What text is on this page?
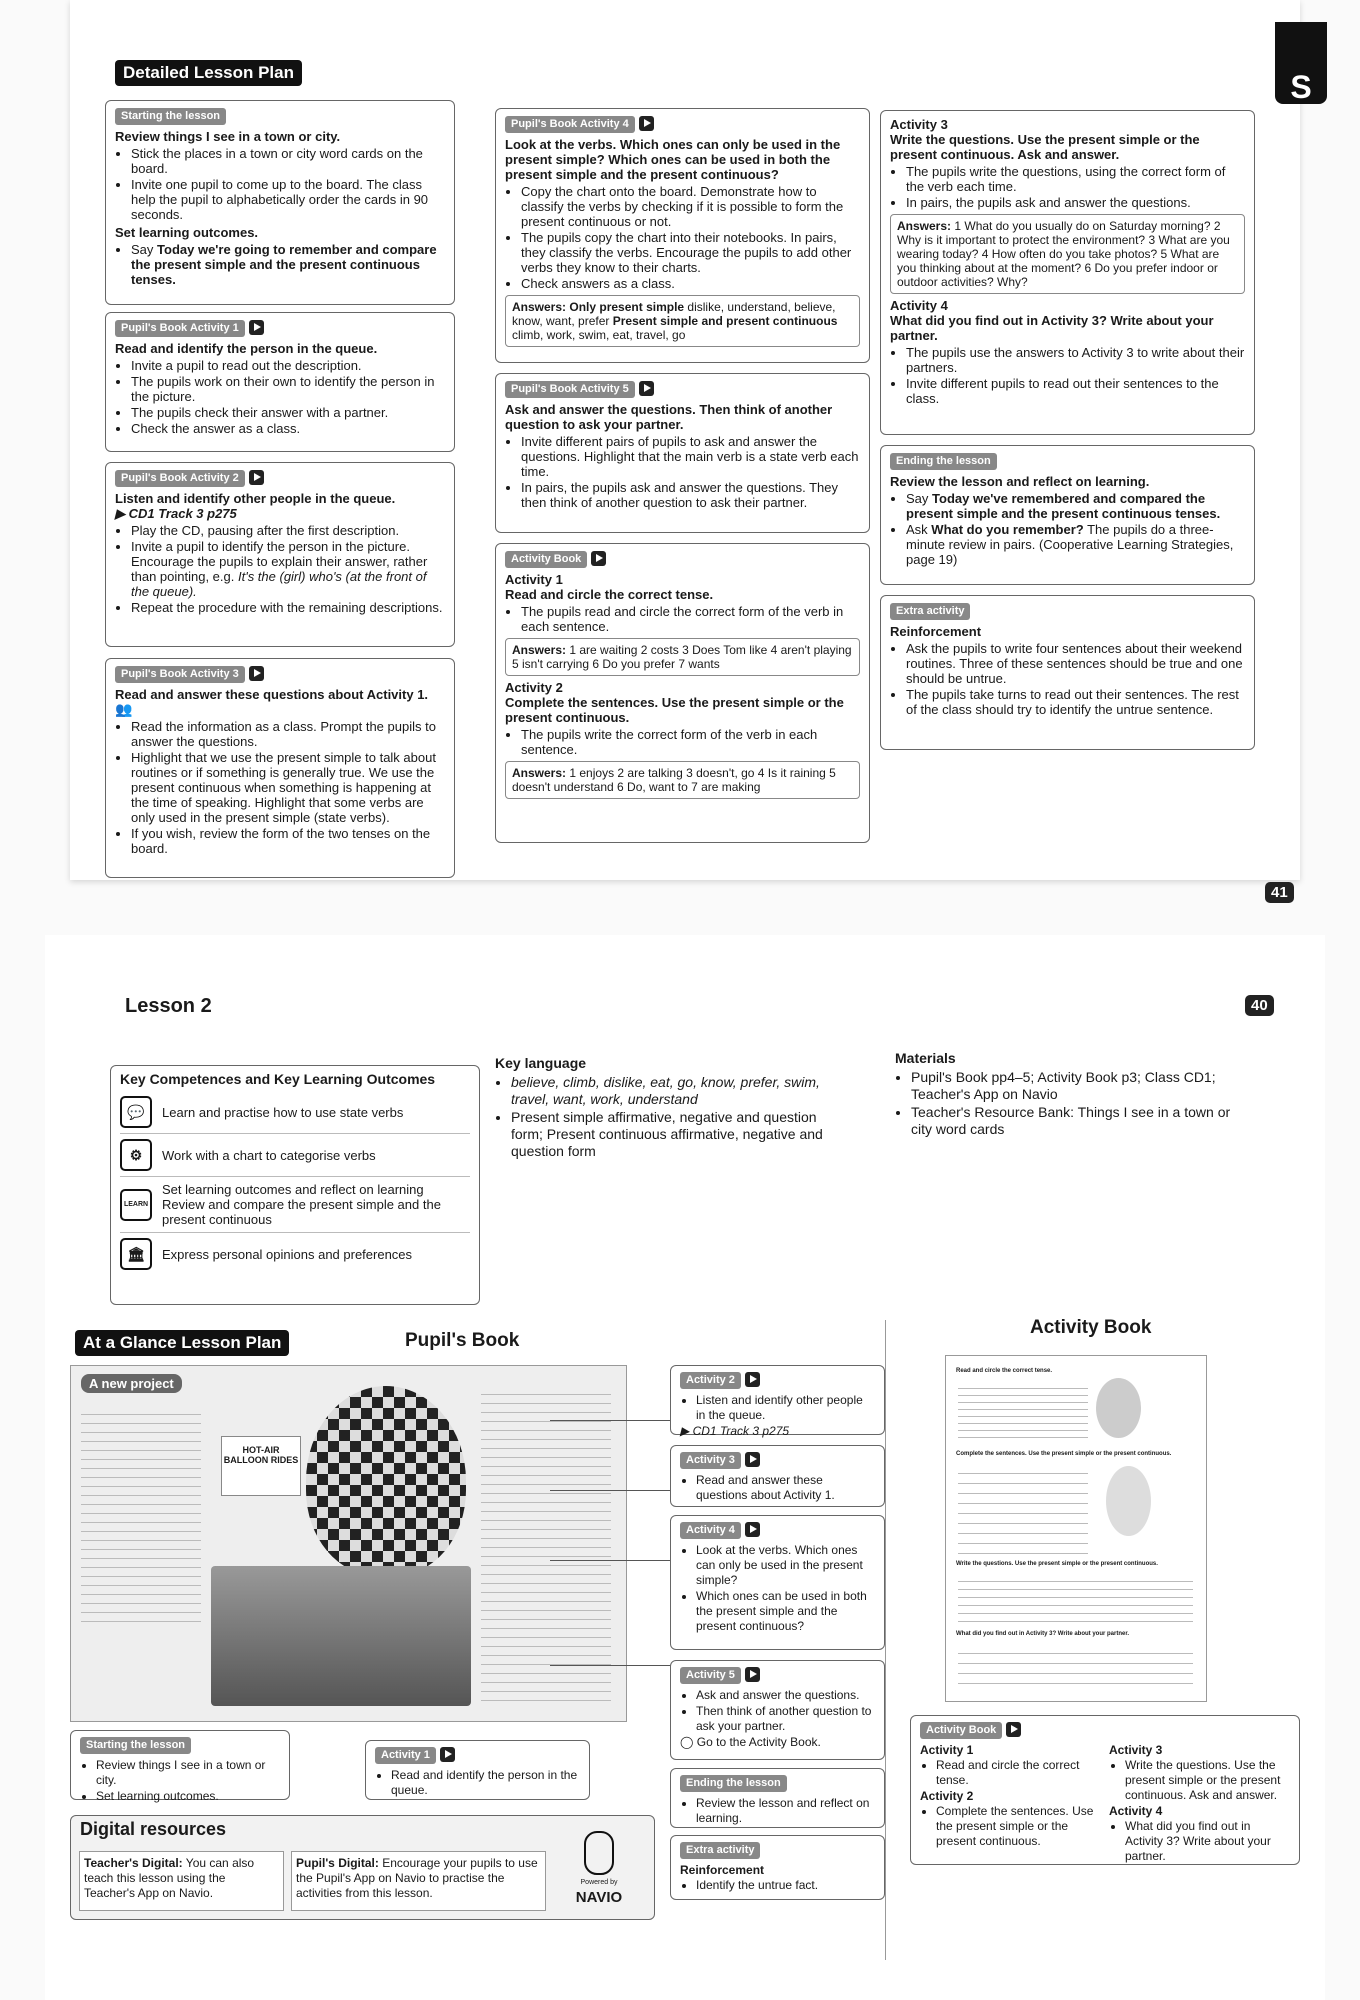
Detailed Lesson Plan	S
Starting the lesson
Review things I see in a town or city.
• Stick the places in a town or city word cards on the board.
• Invite one pupil to come up to the board. The class help the pupil to alphabetically order the cards in 90 seconds.
Set learning outcomes.
• Say Today we're going to remember and compare the present simple and the present continuous tenses.
Pupil's Book Activity 1
Read and identify the person in the queue.
• Invite a pupil to read out the description.
• The pupils work on their own to identify the person in the picture.
• The pupils check their answer with a partner.
• Check the answer as a class.
Pupil's Book Activity 2
Listen and identify other people in the queue.
▶ CD1 Track 3 p275
• Play the CD, pausing after the first description.
• Invite a pupil to identify the person in the picture. Encourage the pupils to explain their answer, rather than pointing, e.g. It's the (girl) who's (at the front of the queue).
• Repeat the procedure with the remaining descriptions.
Pupil's Book Activity 3
Read and answer these questions about Activity 1.
👥
• Read the information as a class. Prompt the pupils to answer the questions.
• Highlight that we use the present simple to talk about routines or if something is generally true. We use the present continuous when something is happening at the time of speaking. Highlight that some verbs are only used in the present simple (state verbs).
• If you wish, review the form of the two tenses on the board.
Pupil's Book Activity 4
Look at the verbs. Which ones can only be used in the present simple? Which ones can be used in both the present simple and the present continuous?
• Copy the chart onto the board. Demonstrate how to classify the verbs by checking if it is possible to form the present continuous or not.
• The pupils copy the chart into their notebooks. In pairs, they classify the verbs. Encourage the pupils to add other verbs they know to their charts.
• Check answers as a class.
Answers: Only present simple dislike, understand, believe, know, want, prefer Present simple and present continuous climb, work, swim, eat, travel, go
Pupil's Book Activity 5
Ask and answer the questions. Then think of another question to ask your partner.
• Invite different pairs of pupils to ask and answer the questions. Highlight that the main verb is a state verb each time.
• In pairs, the pupils ask and answer the questions. They then think of another question to ask their partner.
Activity Book
Activity 1
Read and circle the correct tense.
• The pupils read and circle the correct form of the verb in each sentence.
Answers: 1 are waiting 2 costs 3 Does Tom like 4 aren't playing 5 isn't carrying 6 Do you prefer 7 wants
Activity 2
Complete the sentences. Use the present simple or the present continuous.
• The pupils write the correct form of the verb in each sentence.
Answers: 1 enjoys 2 are talking 3 doesn't, go 4 Is it raining 5 doesn't understand 6 Do, want to 7 are making
Activity 3
Write the questions. Use the present simple or the present continuous. Ask and answer.
• The pupils write the questions, using the correct form of the verb each time.
• In pairs, the pupils ask and answer the questions.
Answers: 1 What do you usually do on Saturday morning? 2 Why is it important to protect the environment? 3 What are you wearing today? 4 How often do you take photos? 5 What are you thinking about at the moment? 6 Do you prefer indoor or outdoor activities? Why?
Activity 4
What did you find out in Activity 3? Write about your partner.
• The pupils use the answers to Activity 3 to write about their partners.
• Invite different pupils to read out their sentences to the class.
Ending the lesson
Review the lesson and reflect on learning.
• Say Today we've remembered and compared the present simple and the present continuous tenses.
• Ask What do you remember? The pupils do a three-minute review in pairs. (Cooperative Learning Strategies, page 19)
Extra activity
Reinforcement
• Ask the pupils to write four sentences about their weekend routines. Three of these sentences should be true and one should be untrue.
• The pupils take turns to read out their sentences. The rest of the class should try to identify the untrue sentence.
41
Lesson 2	40
Key Competences and Key Learning Outcomes
💬	Learn and practise how to use state verbs
⚙	Work with a chart to categorise verbs
LEARN
Set learning outcomes and reflect on learning
Review and compare the present simple and the present continuous
🏛	Express personal opinions and preferences
Key language
• believe, climb, dislike, eat, go, know, prefer, swim, travel, want, work, understand
• Present simple affirmative, negative and question form; Present continuous affirmative, negative and question form
Materials
• Pupil's Book pp4–5; Activity Book p3; Class CD1; Teacher's App on Navio
• Teacher's Resource Bank: Things I see in a town or city word cards
At a Glance Lesson Plan	Pupil's Book
Activity Book
A new project
HOT-AIR BALLOON RIDES
Activity 2
• Listen and identify other people in the queue.
▶ CD1 Track 3 p275
Activity 3
• Read and answer these questions about Activity 1.
Activity 4
• Look at the verbs. Which ones can only be used in the present simple?
• Which ones can be used in both the present simple and the present continuous?
Activity 5
• Ask and answer the questions.
• Then think of another question to ask your partner.
◯ Go to the Activity Book.
Ending the lesson
• Review the lesson and reflect on learning.
Extra activity
Reinforcement
• Identify the untrue fact.
Starting the lesson
• Review things I see in a town or city.
• Set learning outcomes.
Activity 1
• Read and identify the person in the queue.
Digital resources
Teacher's Digital: You can also teach this lesson using the Teacher's App on Navio.
Pupil's Digital: Encourage your pupils to use the Pupil's App on Navio to practise the activities from this lesson.
Powered by
NAVIO
Read and circle the correct tense.
Complete the sentences. Use the present simple or the present continuous.
Write the questions. Use the present simple or the present continuous.
What did you find out in Activity 3? Write about your partner.
Activity Book
Activity 1
• Read and circle the correct tense.
Activity 2
• Complete the sentences. Use the present simple or the present continuous.
Activity 3
• Write the questions. Use the present simple or the present continuous. Ask and answer.
Activity 4
• What did you find out in Activity 3? Write about your partner.
